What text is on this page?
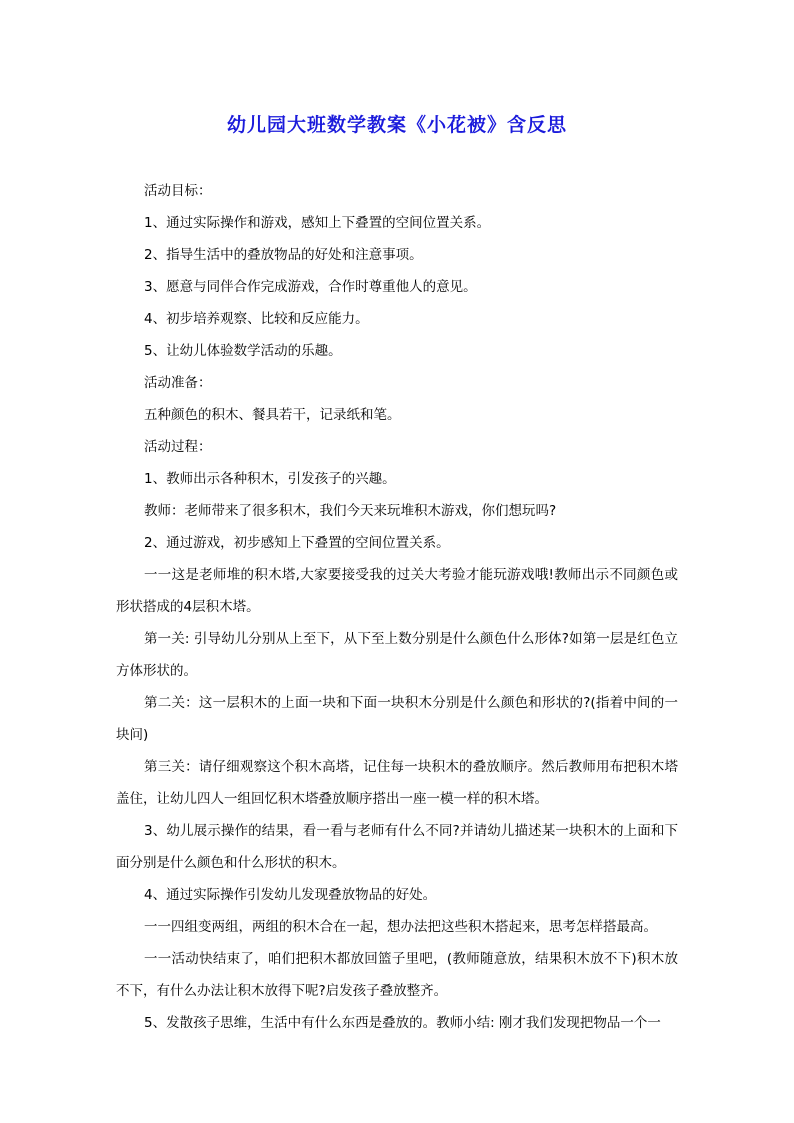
幼儿园大班数学教案《小花被》含反思

活动目标：

1、通过实际操作和游戏，感知上下叠置的空间位置关系。

2、指导生活中的叠放物品的好处和注意事项。

3、愿意与同伴合作完成游戏，合作时尊重他人的意见。

4、初步培养观察、比较和反应能力。

5、让幼儿体验数学活动的乐趣。

活动准备：

五种颜色的积木、餐具若干，记录纸和笔。

活动过程：

1、教师出示各种积木，引发孩子的兴趣。

教师：老师带来了很多积木，我们今天来玩堆积木游戏，你们想玩吗?

2、通过游戏，初步感知上下叠置的空间位置关系。

一一这是老师堆的积木塔,大家要接受我的过关大考验才能玩游戏哦!教师出示不同颜色或形状搭成的4层积木塔。

第一关: 引导幼儿分别从上至下，从下至上数分别是什么颜色什么形体?如第一层是红色立方体形状的。

第二关：这一层积木的上面一块和下面一块积木分别是什么颜色和形状的?(指着中间的一块问)

第三关：请仔细观察这个积木高塔，记住每一块积木的叠放顺序。然后教师用布把积木塔盖住，让幼儿四人一组回忆积木塔叠放顺序搭出一座一模一样的积木塔。

3、幼儿展示操作的结果，看一看与老师有什么不同?并请幼儿描述某一块积木的上面和下面分别是什么颜色和什么形状的积木。

4、通过实际操作引发幼儿发现叠放物品的好处。

一一四组变两组，两组的积木合在一起，想办法把这些积木搭起来，思考怎样搭最高。

一一活动快结束了，咱们把积木都放回篮子里吧，(教师随意放，结果积木放不下)积木放不下，有什么办法让积木放得下呢?启发孩子叠放整齐。

5、发散孩子思维，生活中有什么东西是叠放的。教师小结: 刚才我们发现把物品一个一
